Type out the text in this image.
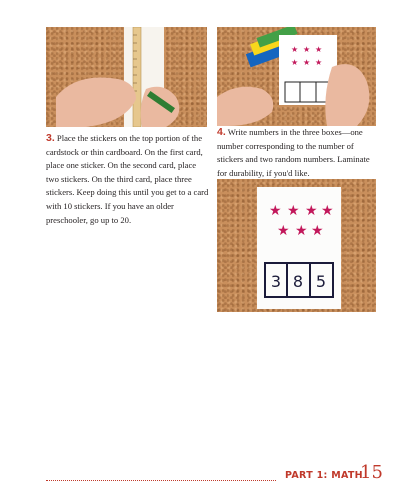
★ ★ ★
★ ★ ★

3. Place the stickers on the top portion of the cardstock or thin cardboard. On the first card, place one sticker. On the second card, place two stickers. On the third card, place three stickers. Keep doing this until you get to a card with 10 stickers. If you have an older preschooler, go up to 20.

4. Write numbers in the three boxes—one number corresponding to the number of stickers and two random numbers. Laminate for durability, if you'd like.

★ ★ ★ ★
★ ★ ★
3 8 5
PART 1: MATH
15
